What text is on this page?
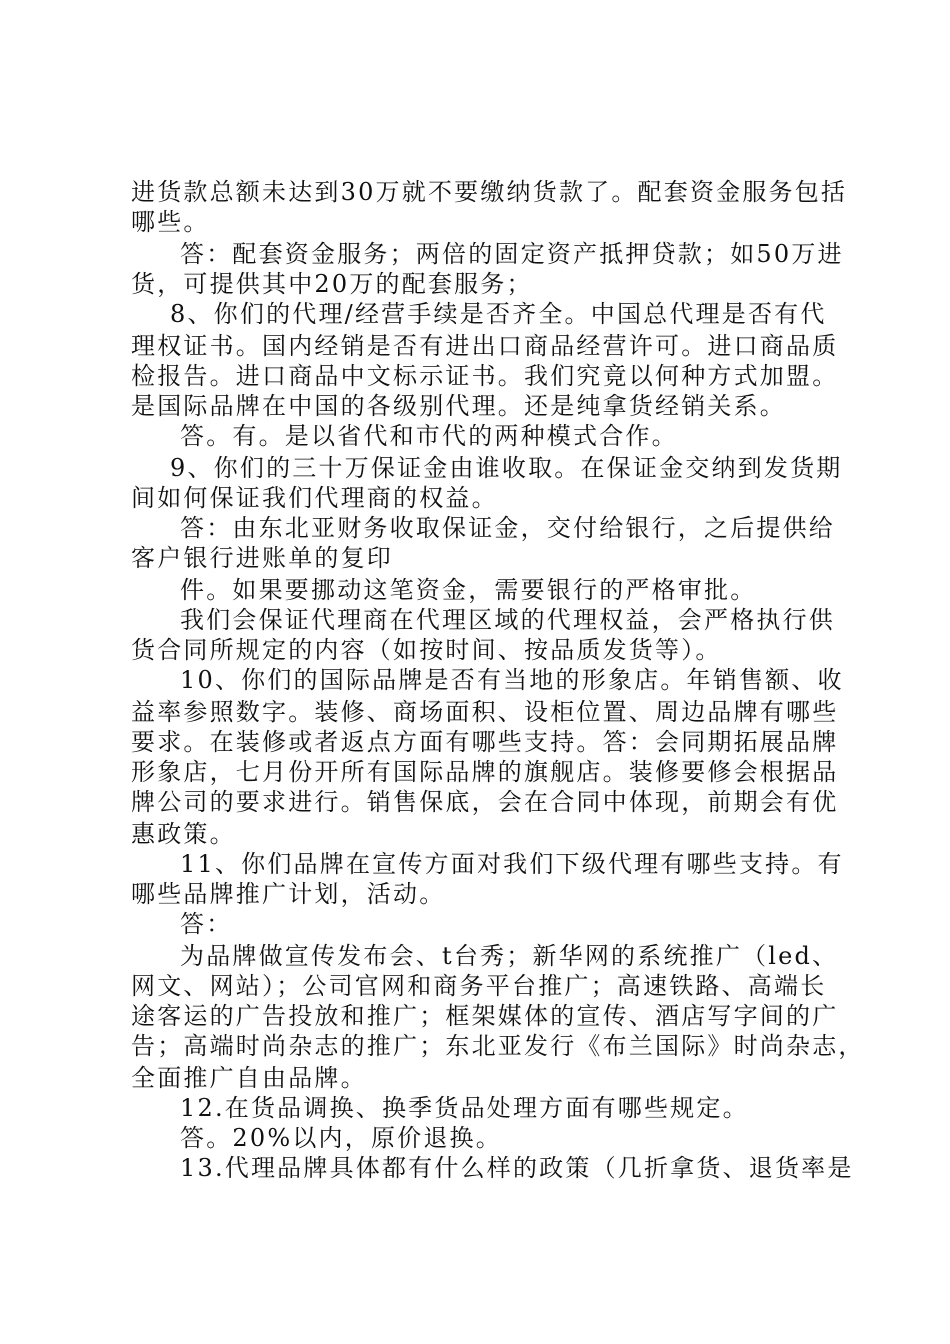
进货款总额未达到30万就不要缴纳货款了。配套资金服务包括
哪些。
答：配套资金服务；两倍的固定资产抵押贷款；如50万进
货，可提供其中20万的配套服务；
8、你们的代理/经营手续是否齐全。中国总代理是否有代
理权证书。国内经销是否有进出口商品经营许可。进口商品质
检报告。进口商品中文标示证书。我们究竟以何种方式加盟。
是国际品牌在中国的各级别代理。还是纯拿货经销关系。
答。有。是以省代和市代的两种模式合作。
9、你们的三十万保证金由谁收取。在保证金交纳到发货期
间如何保证我们代理商的权益。
答：由东北亚财务收取保证金，交付给银行，之后提供给
客户银行进账单的复印
件。如果要挪动这笔资金，需要银行的严格审批。
我们会保证代理商在代理区域的代理权益，会严格执行供
货合同所规定的内容（如按时间、按品质发货等）。
10、你们的国际品牌是否有当地的形象店。年销售额、收
益率参照数字。装修、商场面积、设柜位置、周边品牌有哪些
要求。在装修或者返点方面有哪些支持。答：会同期拓展品牌
形象店，七月份开所有国际品牌的旗舰店。装修要修会根据品
牌公司的要求进行。销售保底，会在合同中体现，前期会有优
惠政策。
11、你们品牌在宣传方面对我们下级代理有哪些支持。有
哪些品牌推广计划，活动。
答：
为品牌做宣传发布会、t台秀；新华网的系统推广（led、
网文、网站）；公司官网和商务平台推广；高速铁路、高端长
途客运的广告投放和推广；框架媒体的宣传、酒店写字间的广
告；高端时尚杂志的推广；东北亚发行《布兰国际》时尚杂志，
全面推广自由品牌。
12.在货品调换、换季货品处理方面有哪些规定。
答。20%以内，原价退换。
13.代理品牌具体都有什么样的政策（几折拿货、退货率是
